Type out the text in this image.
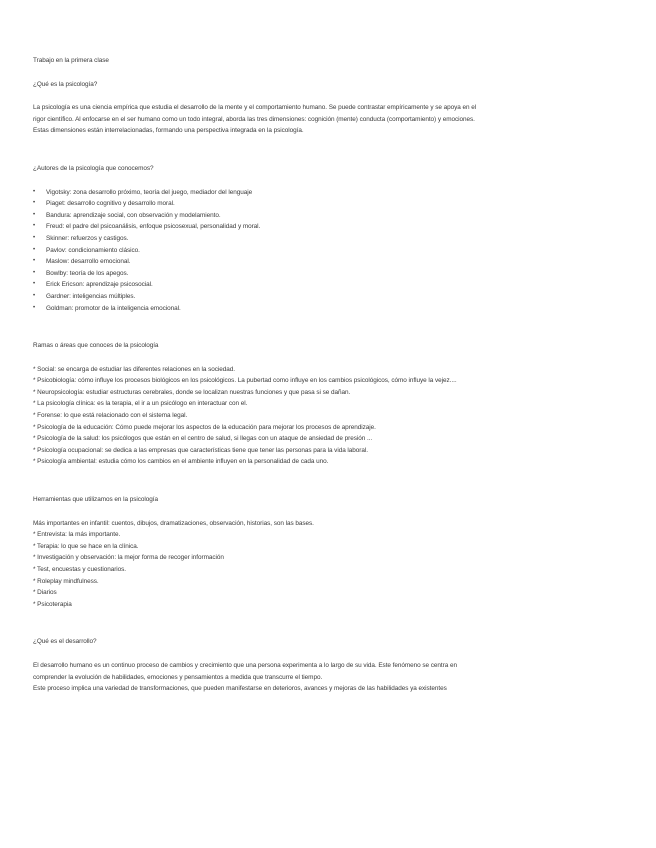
Trabajo en la primera clase
¿Qué es la psicología?
La psicología es una ciencia empírica que estudia el desarrollo de la mente y el comportamiento humano. Se puede contrastar empíricamente y se apoya en el
rigor científico. Al enfocarse en el ser humano como un todo integral, aborda las tres dimensiones: cognición (mente) conducta (comportamiento) y emociones.
Estas dimensiones están interrelacionadas, formando una perspectiva integrada en la psicología.
¿Autores de la psicología que conocemos?
• Vigotsky: zona desarrollo próximo, teoría del juego, mediador del lenguaje
• Piaget: desarrollo cognitivo y desarrollo moral.
• Bandura: aprendizaje social, con observación y modelamiento.
• Freud: el padre del psicoanálisis, enfoque psicosexual, personalidad y moral.
• Skinner: refuerzos y castigos.
• Pavlov: condicionamiento clásico.
• Maslow: desarrollo emocional.
• Bowlby: teoría de los apegos.
• Erick Ericson: aprendizaje psicosocial.
• Gardner: inteligencias múltiples.
• Goldman: promotor de la inteligencia emocional.
Ramas o áreas que conoces de la psicología
* Social: se encarga de estudiar las diferentes relaciones en la sociedad.
* Psicobiología: cómo influye los procesos biológicos en los psicológicos. La pubertad como influye en los cambios psicológicos, cómo influye la vejez....
* Neuropsicología: estudiar estructuras cerebrales, donde se localizan nuestras funciones y que pasa si se dañan.
* La psicología clínica: es la terapia, el ir a un psicólogo en interactuar con el.
* Forense: lo que está relacionado con el sistema legal.
* Psicología de la educación: Cómo puede mejorar los aspectos de la educación para mejorar los procesos de aprendizaje.
* Psicología de la salud: los psicólogos que están en el centro de salud, si llegas con un ataque de ansiedad de presión ...
* Psicología ocupacional: se dedica a las empresas que características tiene que tener las personas para la vida laboral.
* Psicología ambiental: estudia cómo los cambios en el ambiente influyen en la personalidad de cada uno.
Herramientas que utilizamos en la psicología
Más importantes en infantil: cuentos, dibujos, dramatizaciones, observación, historias, son las bases.
* Entrevista: la más importante.
* Terapia: lo que se hace en la clínica.
* Investigación y observación: la mejor forma de recoger información
* Test, encuestas y cuestionarios.
* Roleplay mindfulness.
* Diarios
* Psicoterapia
¿Qué es el desarrollo?
El desarrollo humano es un continuo proceso de cambios y crecimiento que una persona experimenta a lo largo de su vida. Este fenómeno se centra en
comprender la evolución de habilidades, emociones y pensamientos a medida que transcurre el tiempo.
Este proceso implica una variedad de transformaciones, que pueden manifestarse en deterioros, avances y mejoras de las habilidades ya existentes
